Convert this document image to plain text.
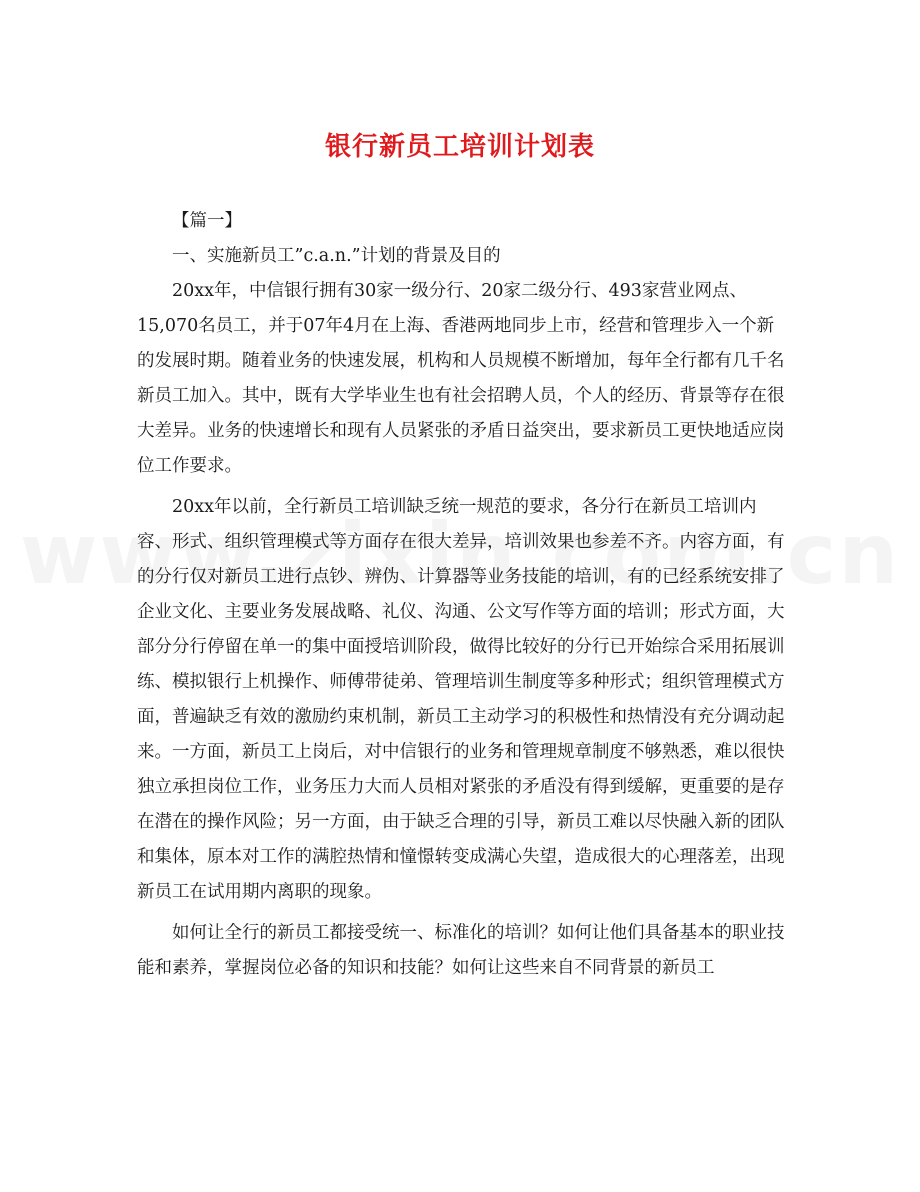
银行新员工培训计划表

【篇一】

一、实施新员工”c.a.n.”计划的背景及目的

20xx年，中信银行拥有30家一级分行、20家二级分行、493家营业网点、15,070名员工，并于07年4月在上海、香港两地同步上市，经营和管理步入一个新的发展时期。随着业务的快速发展，机构和人员规模不断增加，每年全行都有几千名新员工加入。其中，既有大学毕业生也有社会招聘人员，个人的经历、背景等存在很大差异。业务的快速增长和现有人员紧张的矛盾日益突出，要求新员工更快地适应岗位工作要求。

20xx年以前，全行新员工培训缺乏统一规范的要求，各分行在新员工培训内容、形式、组织管理模式等方面存在很大差异，培训效果也参差不齐。内容方面，有的分行仅对新员工进行点钞、辨伪、计算器等业务技能的培训，有的已经系统安排了企业文化、主要业务发展战略、礼仪、沟通、公文写作等方面的培训；形式方面，大部分分行停留在单一的集中面授培训阶段，做得比较好的分行已开始综合采用拓展训练、模拟银行上机操作、师傅带徒弟、管理培训生制度等多种形式；组织管理模式方面，普遍缺乏有效的激励约束机制，新员工主动学习的积极性和热情没有充分调动起来。一方面，新员工上岗后，对中信银行的业务和管理规章制度不够熟悉，难以很快独立承担岗位工作，业务压力大而人员相对紧张的矛盾没有得到缓解，更重要的是存在潜在的操作风险；另一方面，由于缺乏合理的引导，新员工难以尽快融入新的团队和集体，原本对工作的满腔热情和憧憬转变成满心失望，造成很大的心理落差，出现新员工在试用期内离职的现象。

如何让全行的新员工都接受统一、标准化的培训？如何让他们具备基本的职业技能和素养，掌握岗位必备的知识和技能？如何让这些来自不同背景的新员工
